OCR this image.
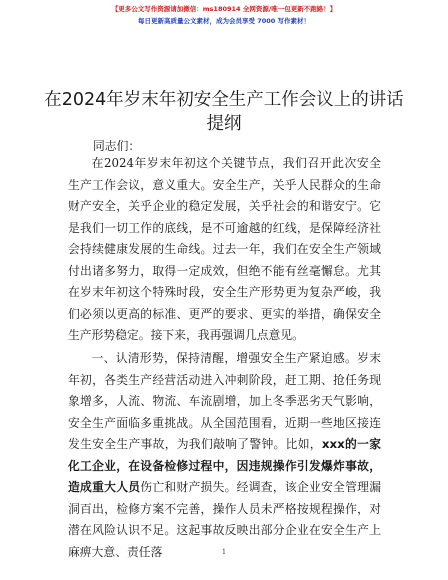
【更多公文写作资源请加微信：ms180914 全网资源/唯一包更新不跑路！】
每日更新高质量公文素材，成为会员享受 7000 写作素材！
在2024年岁末年初安全生产工作会议上的讲话提纲
同志们：

在2024年岁末年初这个关键节点，我们召开此次安全生产工作会议，意义重大。安全生产，关乎人民群众的生命财产安全，关乎企业的稳定发展，关乎社会的和谐安宁。它是我们一切工作的底线，是不可逾越的红线，是保障经济社会持续健康发展的生命线。过去一年，我们在安全生产领域付出诸多努力，取得一定成效，但绝不能有丝毫懈怠。尤其在岁末年初这个特殊时段，安全生产形势更为复杂严峻，我们必须以更高的标准、更严的要求、更实的举措，确保安全生产形势稳定。接下来，我再强调几点意见。

一、认清形势，保持清醒，增强安全生产紧迫感。岁末年初，各类生产经营活动进入冲刺阶段，赶工期、抢任务现象增多，人流、物流、车流剧增，加上冬季恶劣天气影响，安全生产面临多重挑战。从全国范围看，近期一些地区接连发生安全生产事故，为我们敲响了警钟。比如，xxx的一家化工企业，在设备检修过程中，因违规操作引发爆炸事故，造成重大人员伤亡和财产损失。经调查，该企业安全管理漏洞百出，检修方案不完善，操作人员未严格按规程操作，对潜在风险认识不足。这起事故反映出部分企业在安全生产上麻痹大意、责任落	1
